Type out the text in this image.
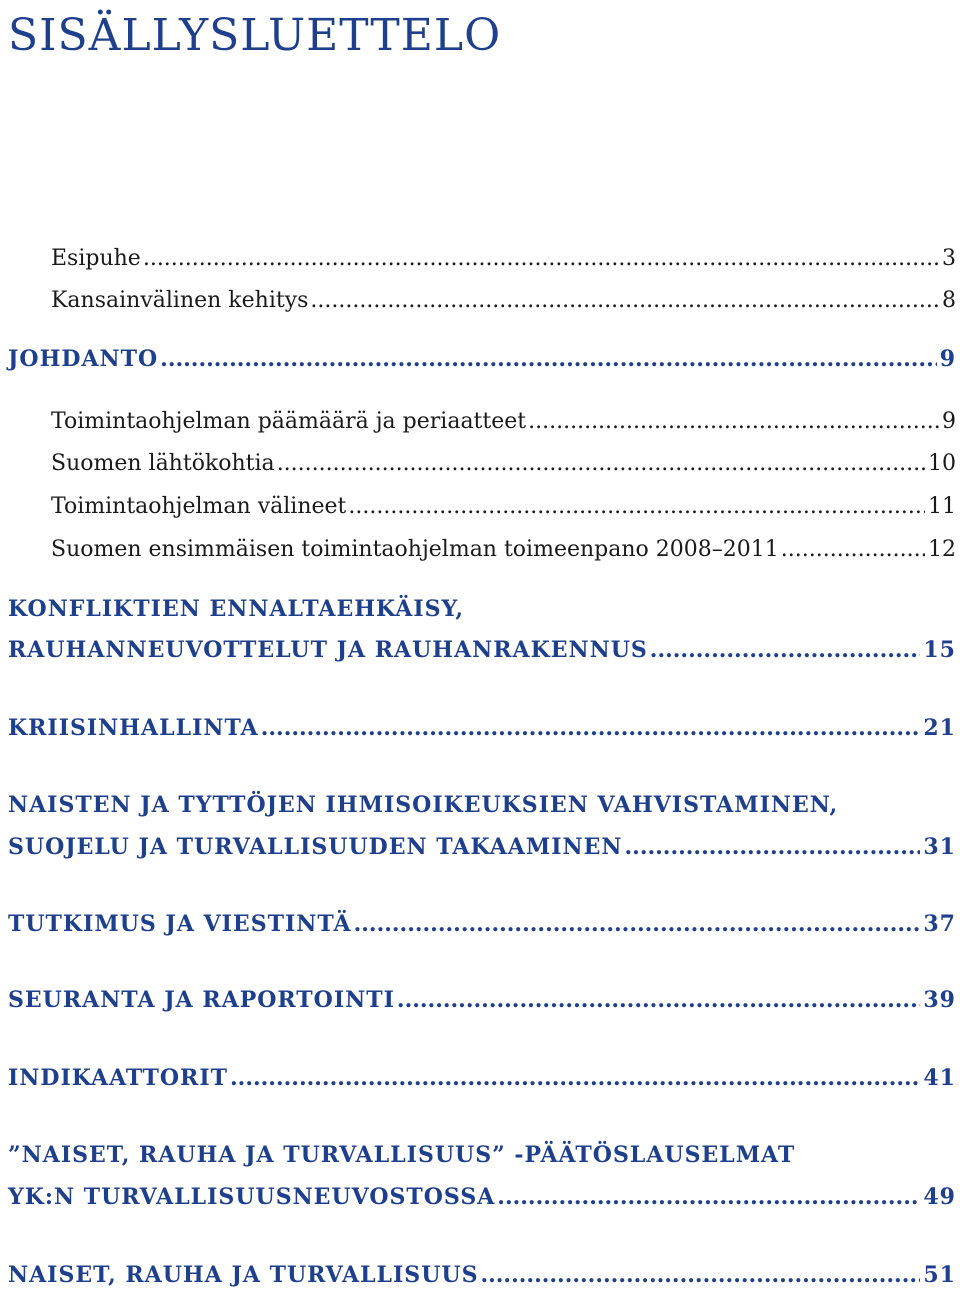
SISÄLLYSLUETTELO
Esipuhe .....	3
Kansainvälinen kehitys .....	8
JOHDANTO .....	9
Toimintaohjelman päämäärä ja periaatteet .....	9
Suomen lähtökohtia .....	10
Toimintaohjelman välineet .....	11
Suomen ensimmäisen toimintaohjelman toimeenpano 2008–2011 .....	12
KONFLIKTIEN ENNALTAEHKÄISY,
RAUHANNEUVOTTELUT JA RAUHANRAKENNUS .....	15
KRIISINHALLINTA .....	21
NAISTEN JA TYTTÖJEN IHMISOIKEUKSIEN VAHVISTAMINEN,
SUOJELU JA TURVALLISUUDEN TAKAAMINEN .....	31
TUTKIMUS JA VIESTINTÄ .....	37
SEURANTA JA RAPORTOINTI .....	39
INDIKAATTORIT .....	41
”NAISET, RAUHA JA TURVALLISUUS” -PÄÄTÖSLAUSELMAT
YK:N TURVALLISUUSNEUVOSTOSSA .....	49
NAISET, RAUHA JA TURVALLISUUS .....	51
